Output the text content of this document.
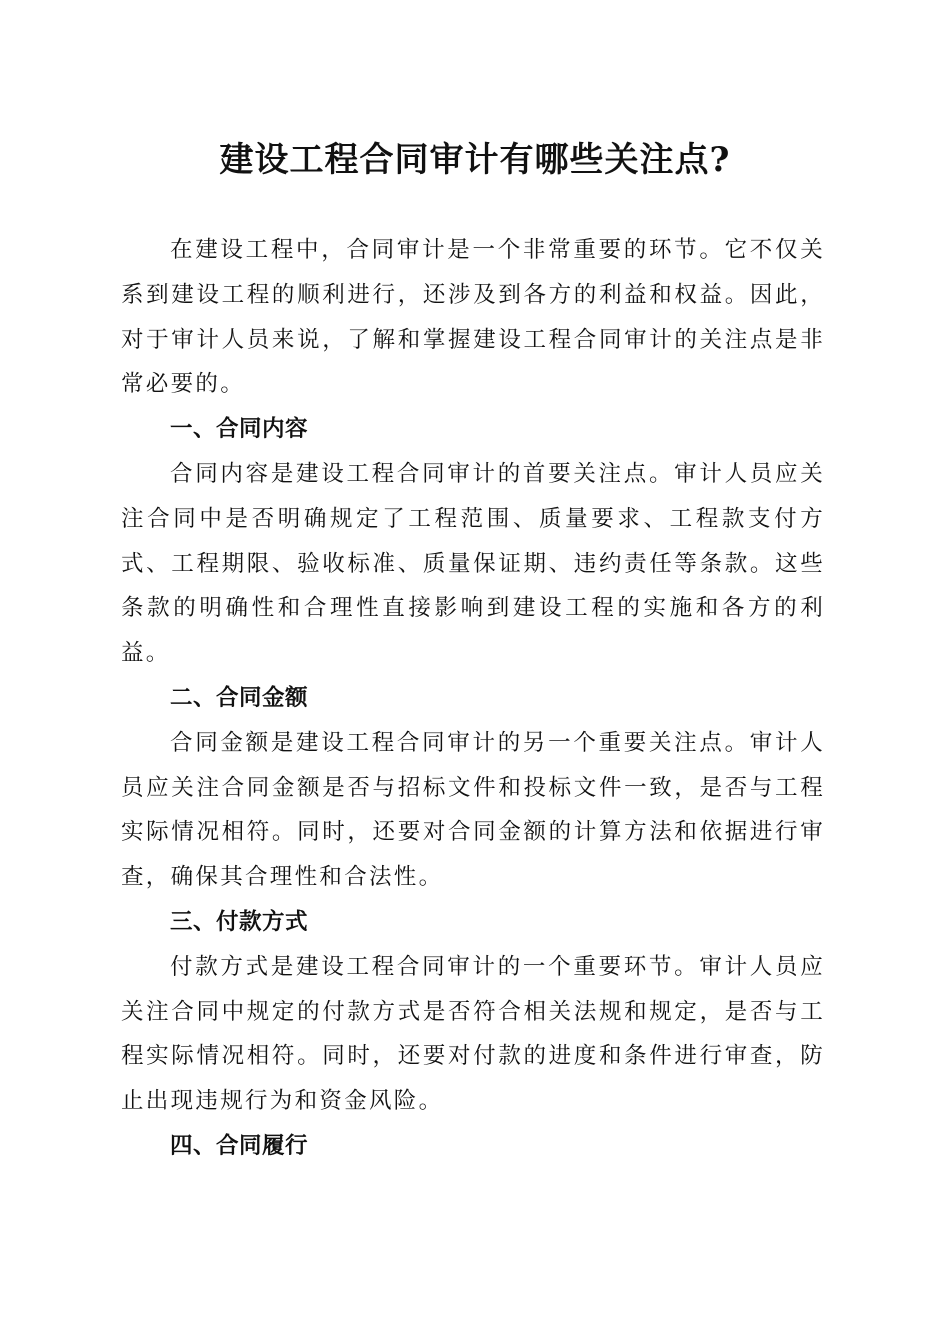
建设工程合同审计有哪些关注点?

在建设工程中，合同审计是一个非常重要的环节。它不仅关系到建设工程的顺利进行，还涉及到各方的利益和权益。因此，对于审计人员来说，了解和掌握建设工程合同审计的关注点是非常必要的。

一、合同内容

合同内容是建设工程合同审计的首要关注点。审计人员应关注合同中是否明确规定了工程范围、质量要求、工程款支付方式、工程期限、验收标准、质量保证期、违约责任等条款。这些条款的明确性和合理性直接影响到建设工程的实施和各方的利益。

二、合同金额

合同金额是建设工程合同审计的另一个重要关注点。审计人员应关注合同金额是否与招标文件和投标文件一致，是否与工程实际情况相符。同时，还要对合同金额的计算方法和依据进行审查，确保其合理性和合法性。

三、付款方式

付款方式是建设工程合同审计的一个重要环节。审计人员应关注合同中规定的付款方式是否符合相关法规和规定，是否与工程实际情况相符。同时，还要对付款的进度和条件进行审查，防止出现违规行为和资金风险。

四、合同履行
